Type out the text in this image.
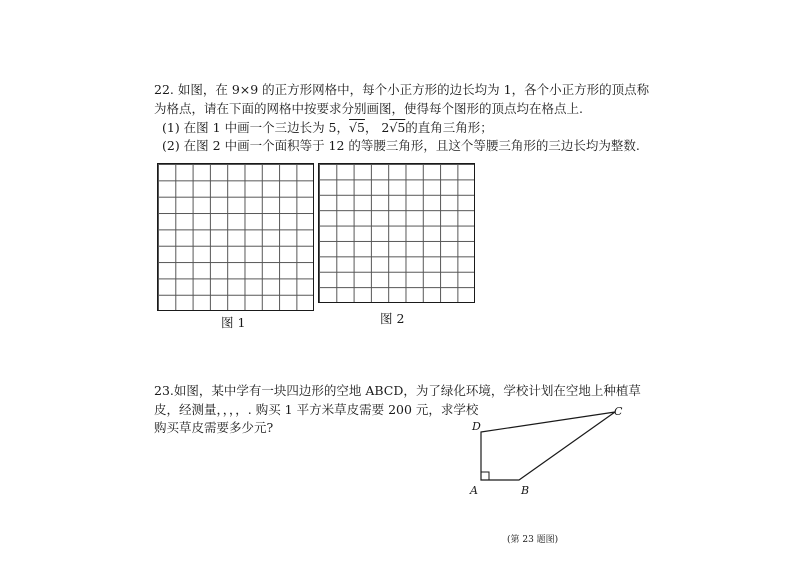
22. 如图，在 9×9 的正方形网格中，每个小正方形的边长均为 1，各个小正方形的顶点称
为格点，请在下面的网格中按要求分别画图，使得每个图形的顶点均在格点上.
(1) 在图 1 中画一个三边长为 5，√5， 2√5的直角三角形；
(2) 在图 2 中画一个面积等于 12 的等腰三角形，且这个等腰三角形的三边长均为整数.
图 1	图 2
23.如图，某中学有一块四边形的空地 ABCD，为了绿化环境，学校计划在空地上种植草
皮，经测量，，，，. 购买 1 平方米草皮需要 200 元，求学校
购买草皮需要多少元?	D
C
A	B
(第 23 题图)
